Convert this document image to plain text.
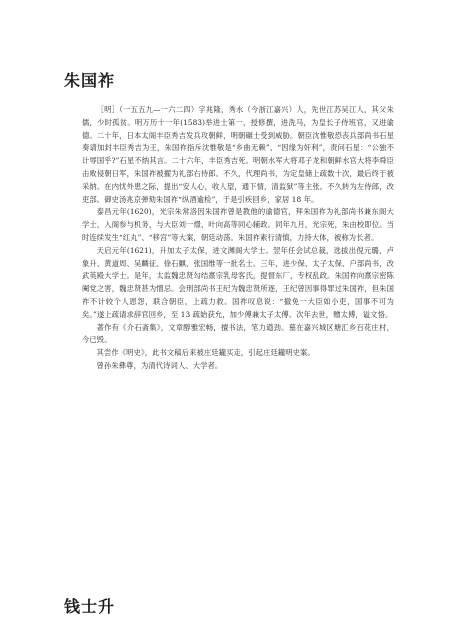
朱国祚

［明］（一五五九—一六二四）字兆隆，秀水（今浙江嘉兴）人，先世江苏吴江人，其父朱儒，少时孤贫。明万历十一年(1583)举进士第一，授修撰，进洗马，为皇长子侍班官，又进谕德。二十年，日本太阁丰臣秀吉发兵攻朝鲜，明朝碾士受到威胁。朝臣沈惟敬恐丧兵部尚书石星奏请加封丰臣秀吉为王，朱国祚指斥沈惟敬是“乡曲无赖”、“因缘为奸利”，责问石星：“公独不计辱国乎?”石星不纳其言。二十六年，丰臣秀吉死。明朝水军大将邓子龙和朝鲜水官大将李舜臣击败侵朝日军，朱国祚被擢为礼部右侍郎。不久，代理尚书，为定皇储上疏数十次，最后终于被采纳。在内忧外患之际，提出“安人心，收人望，通下情，清监狱”等主张。不久转为左侍郎，改吏部。御史汤兆京弹劾朱国祚“纵酒逾检”，于是引疾回乡，家居 18 年。

泰昌元年(1620)，光宗朱常洛因朱国祚曾是教他的谕德官，拜朱国祚为礼部尚书兼东阁大学士，入阁参与机务，与大臣刘一燝、叶向高等同心辅政。同年九月，光宗死，朱由校即位。当时连续发生“红丸”、“移宫”等大案，朝廷动荡。朱国祚素行清慎，力持大体，被称为长者。

天启元年(1621)，升加太子太保，进文渊阁大学士。翌年任会试总裁，选拔出倪元璐、卢象升、黄道周、吴麟征、徐石麒、张国维等一批名士。三年，进少保、太子太保、户部尚书，改武英殿大学士。是年，太监魏忠贤勾结熹宗乳母客氏，提督东厂，专权乱政。朱国祚向熹宗密陈阉党之害，魏忠贤甚为憎忌。会刑部尚书王纪为魏忠贤所逐，王纪曾因事得罪过朱国祚，但朱国祚不计较个人恩怨，联合朝臣，上疏力救。国祚叹息说：“撤免一大臣如小吏，国事不可为矣。”遂上疏请求辞官回乡，至 13 疏始获允，加少傅兼太子太傅。次年去世，赠太傅，谥文恪。

著作有《介石斋集》，文章醇雅宏畅，擅书法，笔力遒劲。墓在嘉兴城区塘汇乡百花庄村，今已毁。

其尝作《明史》，此书文稿后来被庄廷鑨买走，引起庄廷鑨明史案。

曾孙朱彝尊，为清代诗词人、大学者。

钱士升
